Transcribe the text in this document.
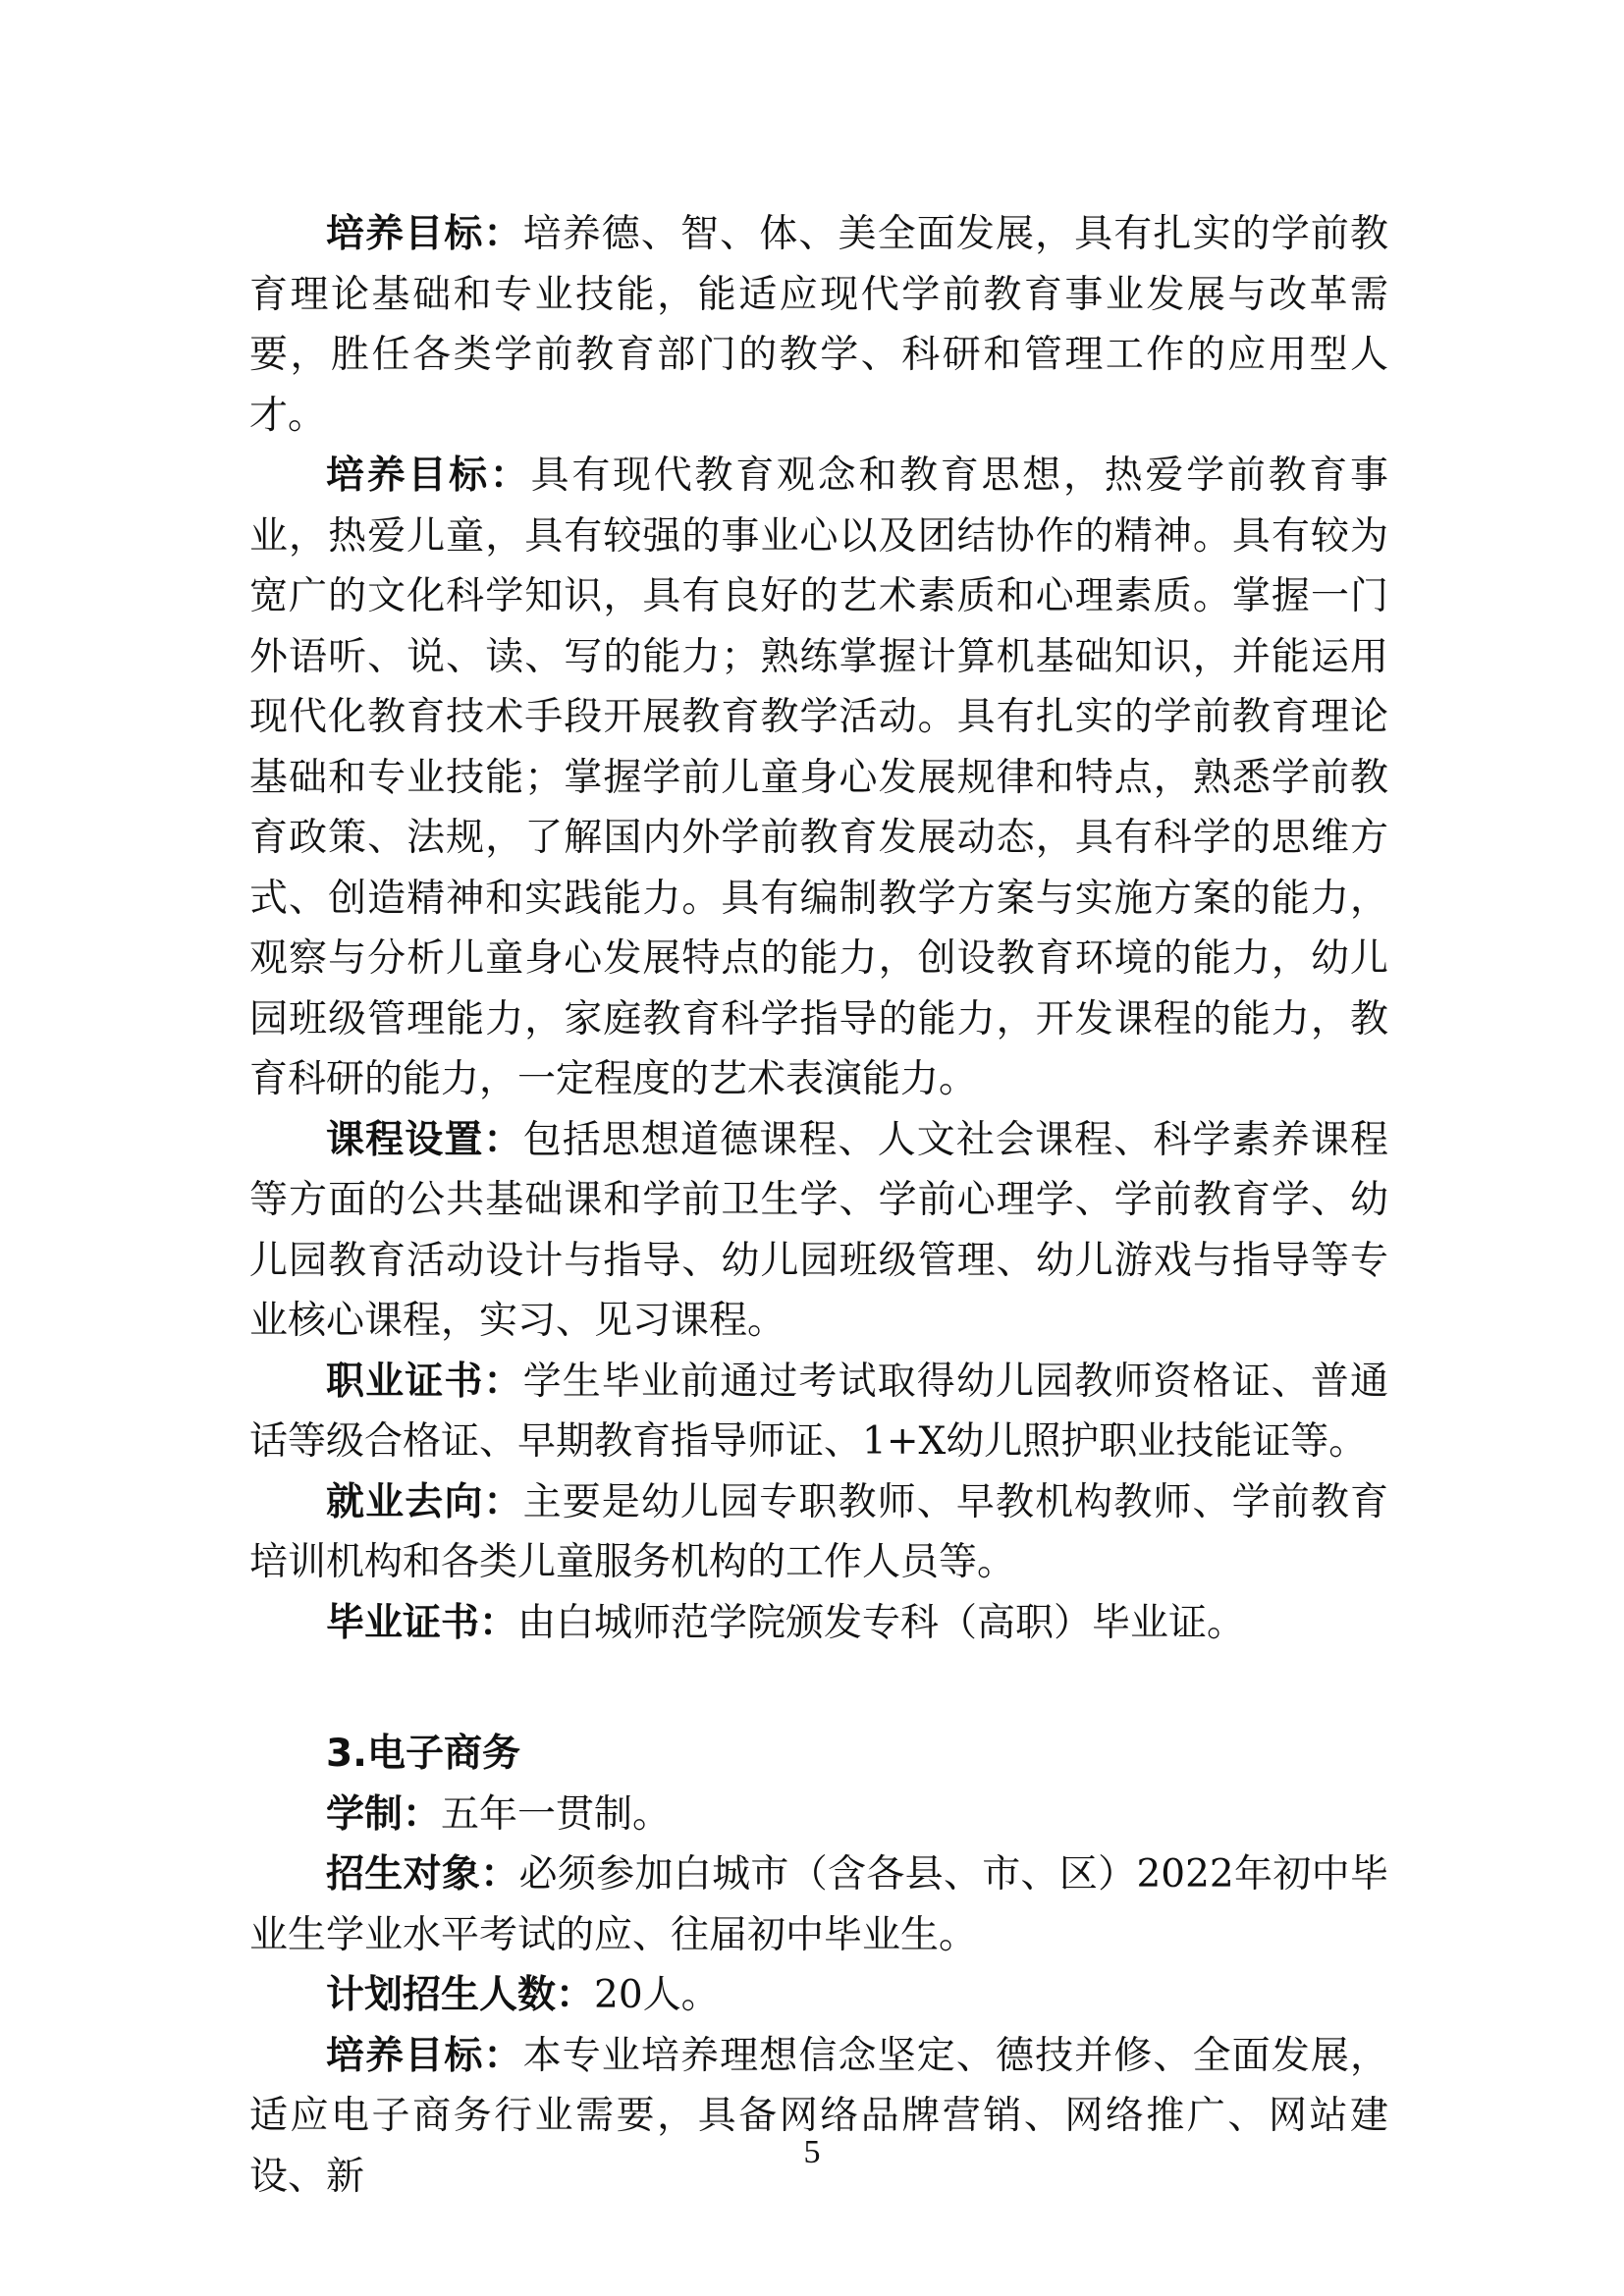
培养目标：培养德、智、体、美全面发展，具有扎实的学前教育理论基础和专业技能，能适应现代学前教育事业发展与改革需要，胜任各类学前教育部门的教学、科研和管理工作的应用型人才。

培养目标：具有现代教育观念和教育思想，热爱学前教育事业，热爱儿童，具有较强的事业心以及团结协作的精神。具有较为宽广的文化科学知识，具有良好的艺术素质和心理素质。掌握一门外语听、说、读、写的能力；熟练掌握计算机基础知识，并能运用现代化教育技术手段开展教育教学活动。具有扎实的学前教育理论基础和专业技能；掌握学前儿童身心发展规律和特点，熟悉学前教育政策、法规，了解国内外学前教育发展动态，具有科学的思维方式、创造精神和实践能力。具有编制教学方案与实施方案的能力，观察与分析儿童身心发展特点的能力，创设教育环境的能力，幼儿园班级管理能力，家庭教育科学指导的能力，开发课程的能力，教育科研的能力，一定程度的艺术表演能力。

课程设置：包括思想道德课程、人文社会课程、科学素养课程等方面的公共基础课和学前卫生学、学前心理学、学前教育学、幼儿园教育活动设计与指导、幼儿园班级管理、幼儿游戏与指导等专业核心课程，实习、见习课程。

职业证书：学生毕业前通过考试取得幼儿园教师资格证、普通话等级合格证、早期教育指导师证、1+X幼儿照护职业技能证等。

就业去向：主要是幼儿园专职教师、早教机构教师、学前教育培训机构和各类儿童服务机构的工作人员等。

毕业证书：由白城师范学院颁发专科（高职）毕业证。

3.电子商务

学制：五年一贯制。

招生对象：必须参加白城市（含各县、市、区）2022年初中毕业生学业水平考试的应、往届初中毕业生。

计划招生人数：20人。

培养目标：本专业培养理想信念坚定、德技并修、全面发展，适应电子商务行业需要，具备网络品牌营销、网络推广、网站建设、新

5
